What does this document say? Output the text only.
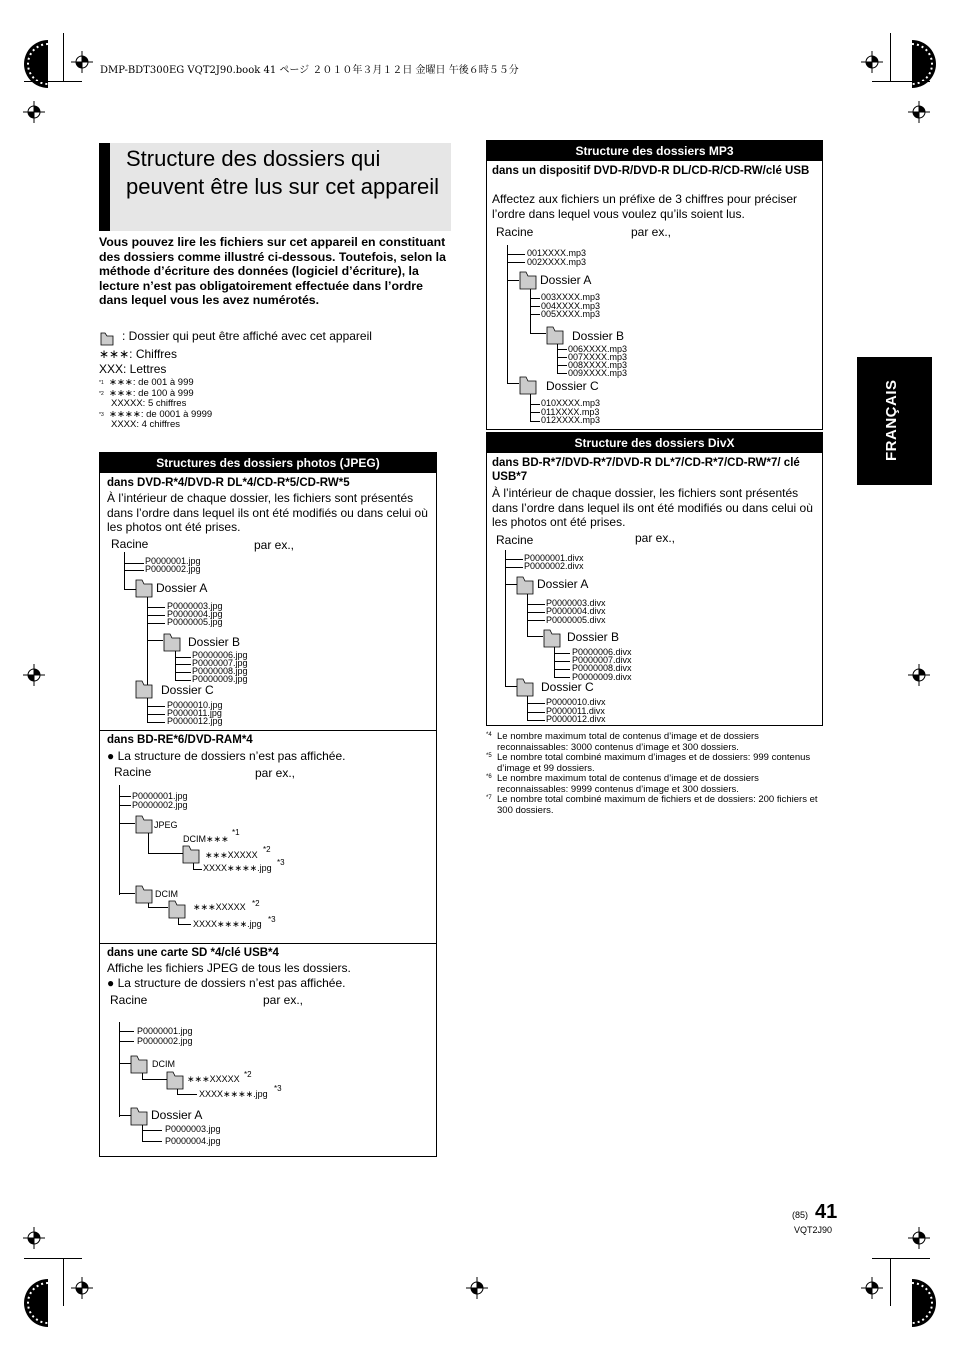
DMP-BDT300EG VQT2J90.book 41 ページ ２０１０年３月１２日 金曜日 午後６時５５分
Structure des dossiers qui peuvent être lus sur cet appareil
Vous pouvez lire les fichiers sur cet appareil en constituant des dossiers comme illustré ci-dessous. Toutefois, selon la méthode d’écriture des données (logiciel d’écriture), la lecture n’est pas obligatoirement effectuée dans l’ordre dans lequel vous les avez numérotés.
: Dossier qui peut être affiché avec cet appareil
∗∗∗: Chiffres
XXX: Lettres
$^{*1}$ ∗∗∗: de 001 à 999
$^{*2}$ ∗∗∗: de 100 à 999
XXXXX: 5 chiffres
$^{*3}$ ∗∗∗∗: de 0001 à 9999
XXXX: 4 chiffres
Structures des dossiers photos (JPEG)
dans DVD-R*4/DVD-R DL*4/CD-R*5/CD-RW*5
À l’intérieur de chaque dossier, les fichiers sont présentés dans l’ordre dans lequel ils ont été modifiés ou dans celui où les photos ont été prises.
Racine	par ex.,
P0000001.jpg
P0000002.jpg
Dossier A
P0000003.jpg
P0000004.jpg
P0000005.jpg
Dossier B
P0000006.jpg
P0000007.jpg
P0000008.jpg
P0000009.jpg
Dossier C
P0000010.jpg
P0000011.jpg
P0000012.jpg
dans BD-RE*6/DVD-RAM*4
● La structure de dossiers n’est pas affichée.
Racine	par ex.,
P0000001.jpg
P0000002.jpg
JPEG
DCIM∗∗∗
*1
∗∗∗XXXXX
*2
XXXX∗∗∗∗.jpg
*3
DCIM
∗∗∗XXXXX *2
XXXX∗∗∗∗.jpg *3
dans une carte SD *4/clé USB*4
Affiche les fichiers JPEG de tous les dossiers.
● La structure de dossiers n’est pas affichée.
Racine	par ex.,
P0000001.jpg
P0000002.jpg
DCIM
∗∗∗XXXXX *2
XXXX∗∗∗∗.jpg
*3
Dossier A
P0000003.jpg
P0000004.jpg
Structure des dossiers MP3
dans un dispositif DVD-R/DVD-R DL/CD-R/CD-RW/clé USB
Affectez aux fichiers un préfixe de 3 chiffres pour préciser l’ordre dans lequel vous voulez qu’ils soient lus.
Racine	par ex.,
001XXXX.mp3
002XXXX.mp3
Dossier A
003XXXX.mp3
004XXXX.mp3
005XXXX.mp3
Dossier B
006XXXX.mp3
007XXXX.mp3
008XXXX.mp3
009XXXX.mp3
Dossier C
010XXXX.mp3
011XXXX.mp3
012XXXX.mp3
Structure des dossiers DivX
dans BD-R*7/DVD-R*7/DVD-R DL*7/CD-R*7/CD-RW*7/ clé USB*7
À l’intérieur de chaque dossier, les fichiers sont présentés dans l’ordre dans lequel ils ont été modifiés ou dans celui où les photos ont été prises.
Racine	par ex.,
P0000001.divx
P0000002.divx
Dossier A
P0000003.divx
P0000004.divx
P0000005.divx
Dossier B
P0000006.divx
P0000007.divx
P0000008.divx
P0000009.divx
Dossier C
P0000010.divx
P0000011.divx
P0000012.divx
*4 Le nombre maximum total de contenus d’image et de dossiers reconnaissables: 3000 contenus d’image et 300 dossiers.
*5 Le nombre total combiné maximum d’images et de dossiers: 999 contenus d’image et 99 dossiers.
*6 Le nombre maximum total de contenus d’image et de dossiers reconnaissables: 9999 contenus d’image et 300 dossiers.
*7 Le nombre total combiné maximum de fichiers et de dossiers: 200 fichiers et 300 dossiers.
FRANÇAIS
(85) 41
VQT2J90
